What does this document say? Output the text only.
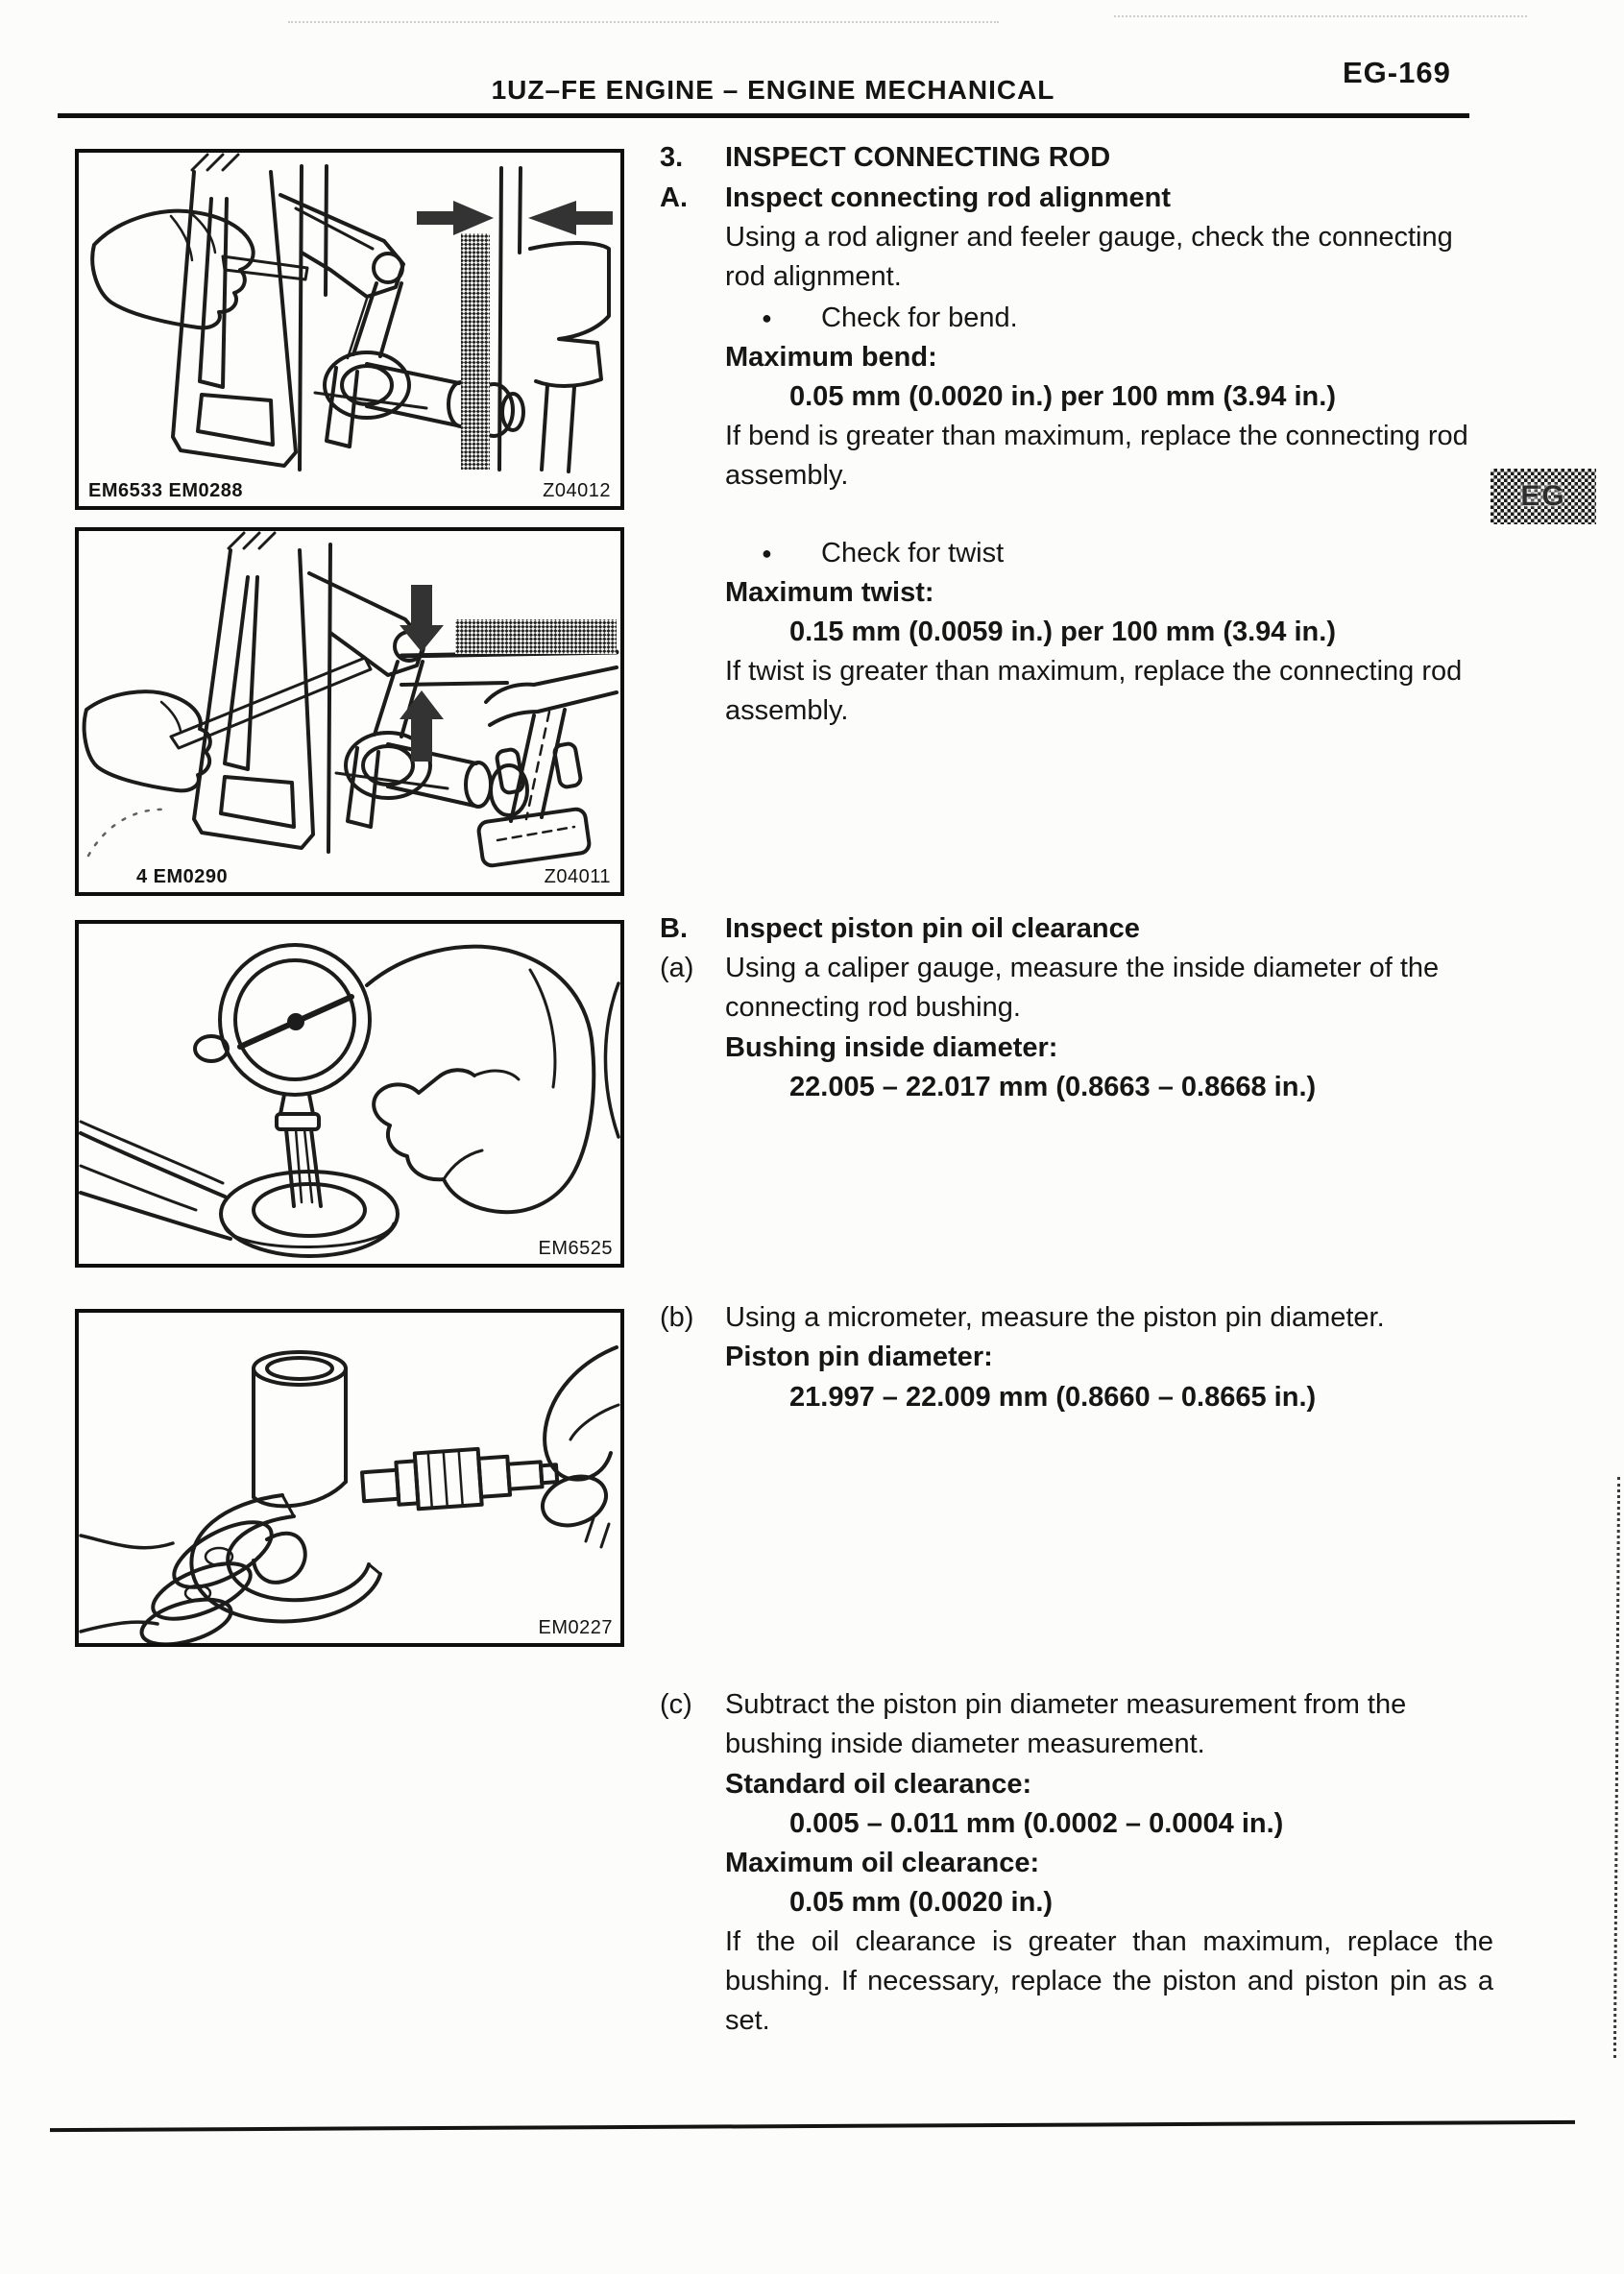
EG-169
1UZ–FE ENGINE – ENGINE MECHANICAL
EG
EM6533 EM0288	Z04012
4 EM0290	Z04011
EM6525
EM0227
3.	INSPECT CONNECTING ROD
A.	Inspect connecting rod alignment
Using a rod aligner and feeler gauge, check the connecting rod alignment.
●	Check for bend.
Maximum bend:
0.05 mm (0.0020 in.) per 100 mm (3.94 in.)
If bend is greater than maximum, replace the connecting rod assembly.
●	Check for twist
Maximum twist:
0.15 mm (0.0059 in.) per 100 mm (3.94 in.)
If twist is greater than maximum, replace the connecting rod assembly.
B.	Inspect piston pin oil clearance
(a)	Using a caliper gauge, measure the inside diameter of the connecting rod bushing.
Bushing inside diameter:
22.005 – 22.017 mm (0.8663 – 0.8668 in.)
(b)	Using a micrometer, measure the piston pin diameter.
Piston pin diameter:
21.997 – 22.009 mm (0.8660 – 0.8665 in.)
(c)	Subtract the piston pin diameter measurement from the bushing inside diameter measurement.
Standard oil clearance:
0.005 – 0.011 mm (0.0002 – 0.0004 in.)
Maximum oil clearance:
0.05 mm (0.0020 in.)
If the oil clearance is greater than maximum, replace the bushing. If necessary, replace the piston and piston pin as a set.
